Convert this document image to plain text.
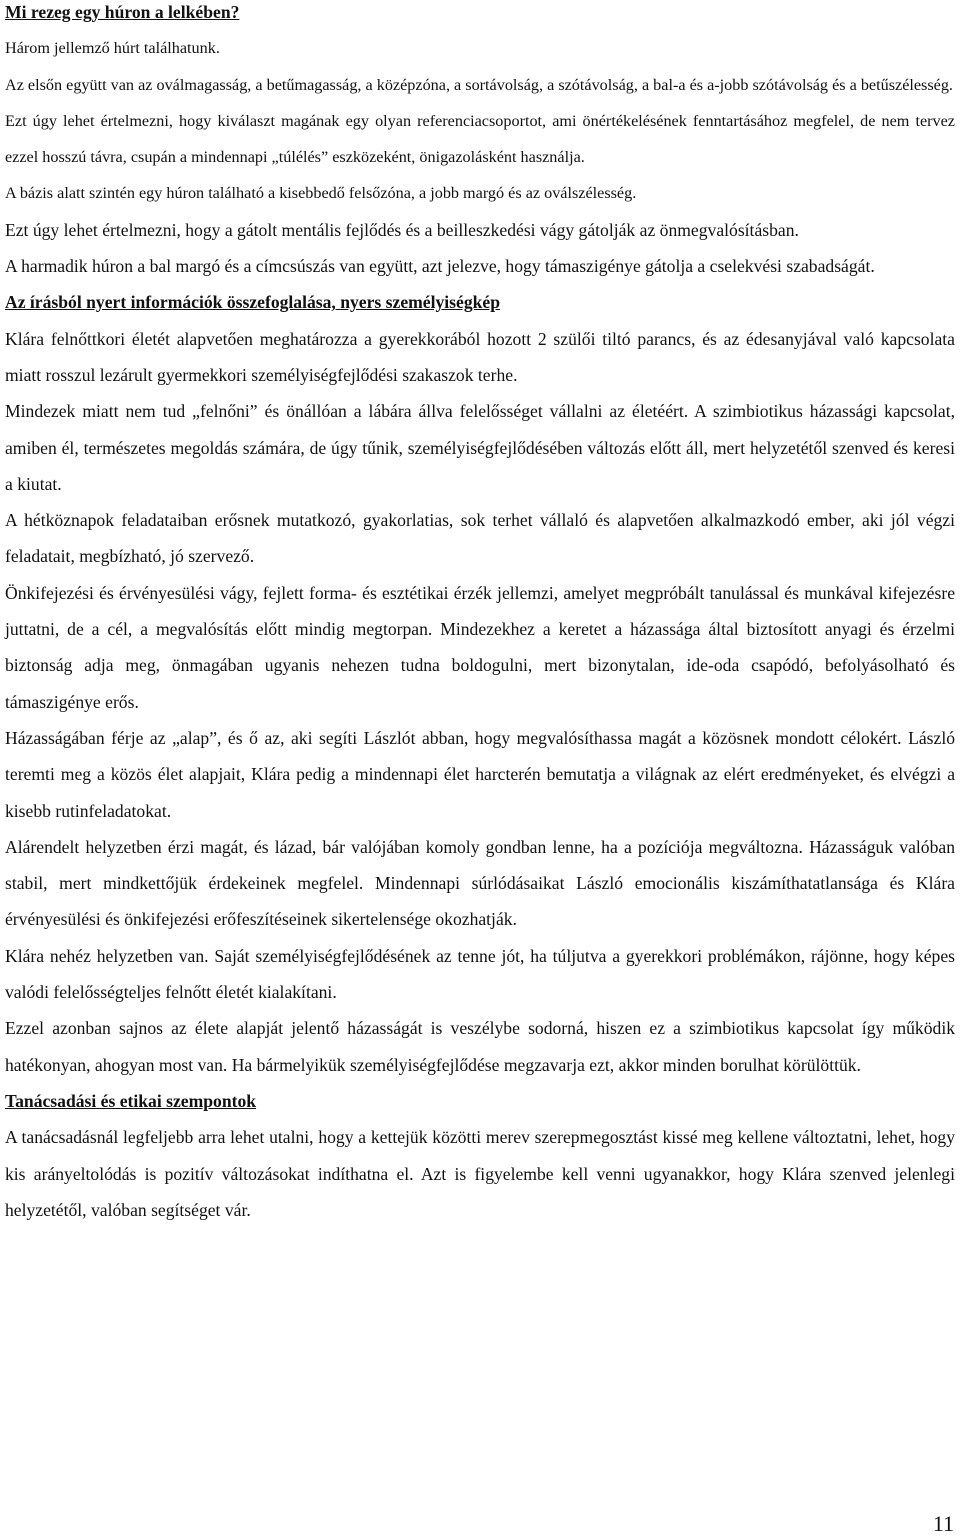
Mi rezeg egy húron a lelkében?

Három jellemző húrt találhatunk.

Az elsőn együtt van az oválmagasság, a betűmagasság, a középzóna, a sortávolság, a szótávolság, a bal-a és a-jobb szótávolság és a betűszélesség.

Ezt úgy lehet értelmezni, hogy kiválaszt magának egy olyan referenciacsoportot, ami önértékelésének fenntartásához megfelel, de nem tervez ezzel hosszú távra, csupán a mindennapi „túlélés” eszközeként, önigazolásként használja.

A bázis alatt szintén egy húron található a kisebbedő felsőzóna, a jobb margó és az oválszélesség.

Ezt úgy lehet értelmezni, hogy a gátolt mentális fejlődés és a beilleszkedési vágy gátolják az önmegvalósításban.

A harmadik húron a bal margó és a címcsúszás van együtt, azt jelezve, hogy támaszigénye gátolja a cselekvési szabadságát.

Az írásból nyert információk összefoglalása, nyers személyiségkép

Klára felnőttkori életét alapvetően meghatározza a gyerekkorából hozott 2 szülői tiltó parancs, és az édesanyjával való kapcsolata miatt rosszul lezárult gyermekkori személyiségfejlődési szakaszok terhe.

Mindezek miatt nem tud „felnőni” és önállóan a lábára állva felelősséget vállalni az életéért. A szimbiotikus házassági kapcsolat, amiben él, természetes megoldás számára, de úgy tűnik, személyiségfejlődésében változás előtt áll, mert helyzetétől szenved és keresi a kiutat.

A hétköznapok feladataiban erősnek mutatkozó, gyakorlatias, sok terhet vállaló és alapvetően alkalmazkodó ember, aki jól végzi feladatait, megbízható, jó szervező.

Önkifejezési és érvényesülési vágy, fejlett forma- és esztétikai érzék jellemzi, amelyet megpróbált tanulással és munkával kifejezésre juttatni, de a cél, a megvalósítás előtt mindig megtorpan. Mindezekhez a keretet a házassága által biztosított anyagi és érzelmi biztonság adja meg, önmagában ugyanis nehezen tudna boldogulni, mert bizonytalan, ide-oda csapódó, befolyásolható és támaszigénye erős.

Házasságában férje az „alap”, és ő az, aki segíti Lászlót abban, hogy megvalósíthassa magát a közösnek mondott célokért. László teremti meg a közös élet alapjait, Klára pedig a mindennapi élet harcterén bemutatja a világnak az elért eredményeket, és elvégzi a kisebb rutinfeladatokat.

Alárendelt helyzetben érzi magát, és lázad, bár valójában komoly gondban lenne, ha a pozíciója megváltozna. Házasságuk valóban stabil, mert mindkettőjük érdekeinek megfelel. Mindennapi súrlódásaikat László emocionális kiszámíthatatlansága és Klára érvényesülési és önkifejezési erőfeszítéseinek sikertelensége okozhatják.

Klára nehéz helyzetben van. Saját személyiségfejlődésének az tenne jót, ha túljutva a gyerekkori problémákon, rájönne, hogy képes valódi felelősségteljes felnőtt életét kialakítani.

Ezzel azonban sajnos az élete alapját jelentő házasságát is veszélybe sodorná, hiszen ez a szimbiotikus kapcsolat így működik hatékonyan, ahogyan most van. Ha bármelyikük személyiségfejlődése megzavarja ezt, akkor minden borulhat körülöttük.

Tanácsadási és etikai szempontok

A tanácsadásnál legfeljebb arra lehet utalni, hogy a kettejük közötti merev szerepmegosztást kissé meg kellene változtatni, lehet, hogy kis arányeltolódás is pozitív változásokat indíthatna el. Azt is figyelembe kell venni ugyanakkor, hogy Klára szenved jelenlegi helyzetétől, valóban segítséget vár.

11
